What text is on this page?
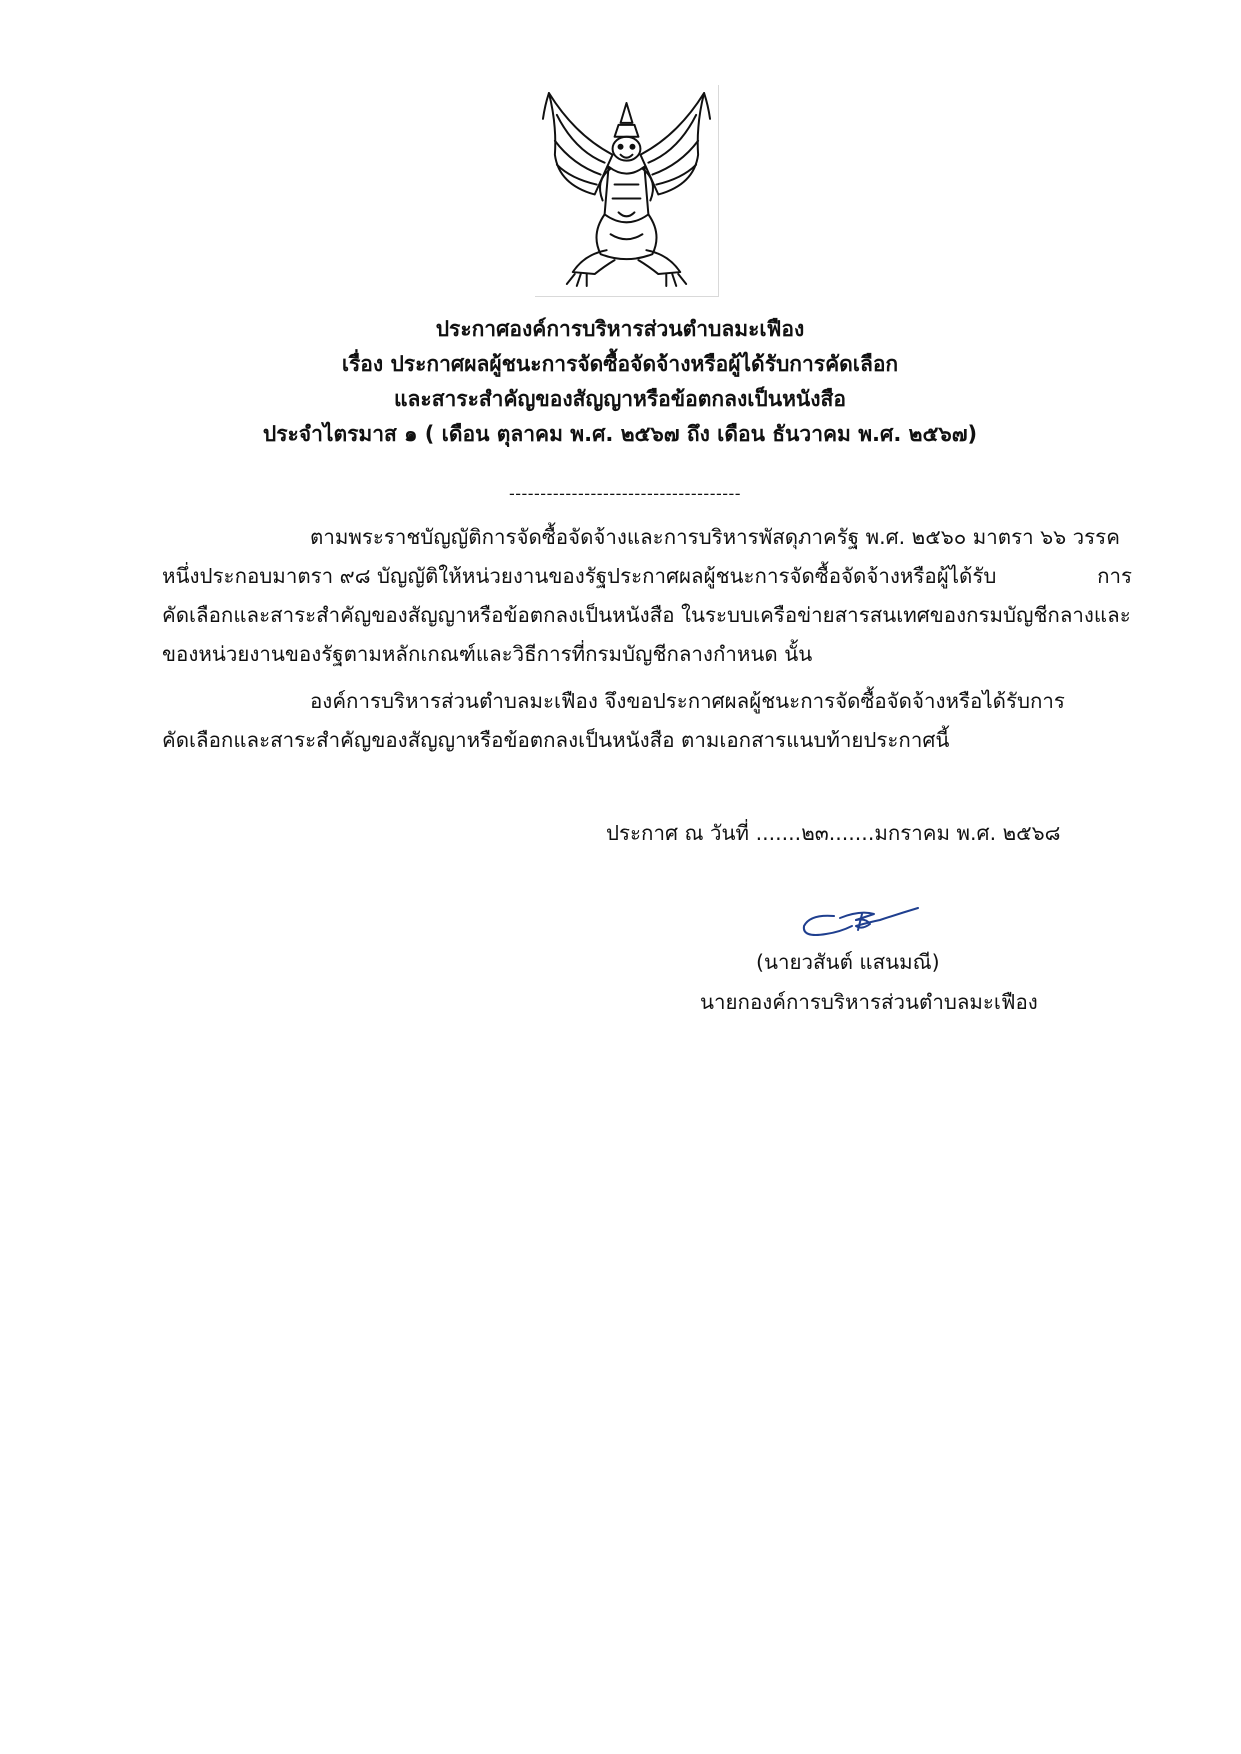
ประกาศองค์การบริหารส่วนตำบลมะเฟือง
เรื่อง ประกาศผลผู้ชนะการจัดซื้อจัดจ้างหรือผู้ได้รับการคัดเลือก
และสาระสำคัญของสัญญาหรือข้อตกลงเป็นหนังสือ
ประจำไตรมาส ๑ ( เดือน ตุลาคม พ.ศ. ๒๕๖๗ ถึง เดือน ธันวาคม พ.ศ. ๒๕๖๗)
-------------------------------------
ตามพระราชบัญญัติการจัดซื้อจัดจ้างและการบริหารพัสดุภาครัฐ พ.ศ. ๒๕๖๐ มาตรา ๖๖ วรรค
หนึ่งประกอบมาตรา ๙๘ บัญญัติให้หน่วยงานของรัฐประกาศผลผู้ชนะการจัดซื้อจัดจ้างหรือผู้ได้รับ	การ
คัดเลือกและสาระสำคัญของสัญญาหรือข้อตกลงเป็นหนังสือ ในระบบเครือข่ายสารสนเทศของกรมบัญชีกลางและ
ของหน่วยงานของรัฐตามหลักเกณฑ์และวิธีการที่กรมบัญชีกลางกำหนด นั้น
องค์การบริหารส่วนตำบลมะเฟือง จึงขอประกาศผลผู้ชนะการจัดซื้อจัดจ้างหรือได้รับการ
คัดเลือกและสาระสำคัญของสัญญาหรือข้อตกลงเป็นหนังสือ ตามเอกสารแนบท้ายประกาศนี้
ประกาศ ณ วันที่ .......๒๓.......มกราคม พ.ศ. ๒๕๖๘
(นายวสันต์ แสนมณี)
นายกองค์การบริหารส่วนตำบลมะเฟือง
